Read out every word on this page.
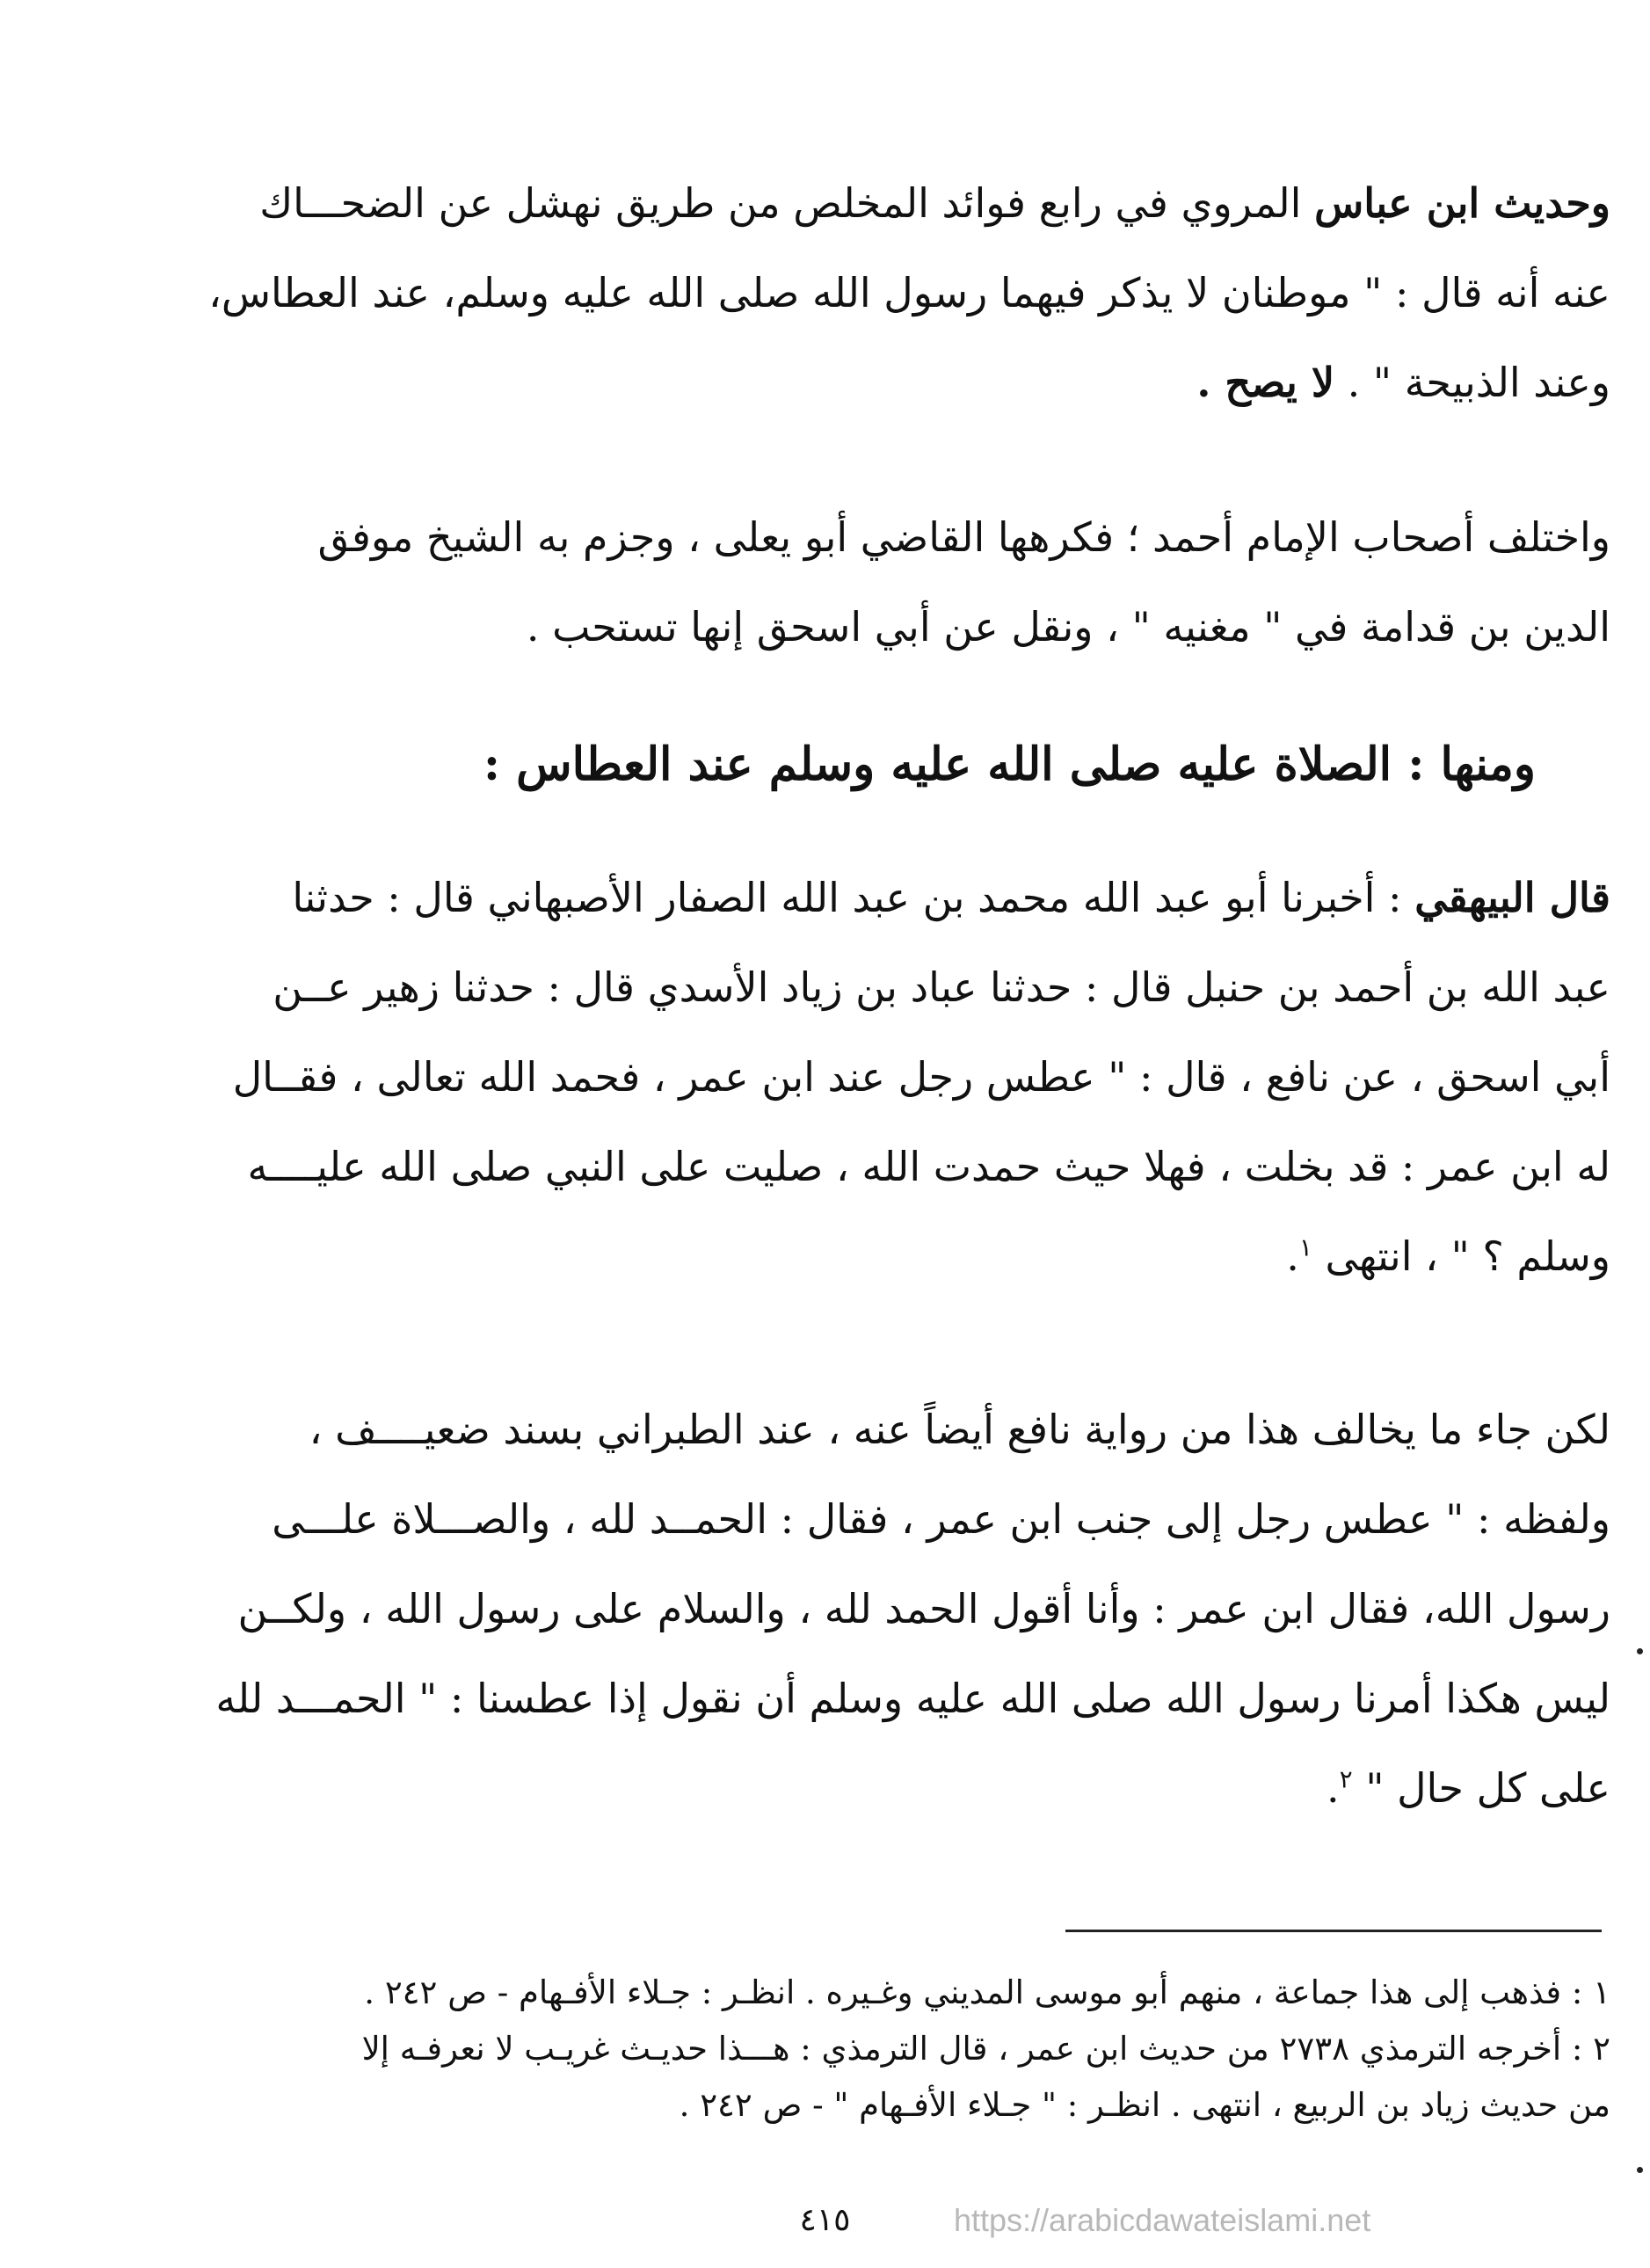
وحديث ابن عباس المروي في رابع فوائد المخلص من طريق نهشل عن الضحـــاك
عنه أنه قال : " موطنان لا يذكر فيهما رسول الله صلى الله عليه وسلم، عند العطاس،
وعند الذبيحة " . لا يصح .
واختلف أصحاب الإمام أحمد ؛ فكرهها القاضي أبو يعلى ، وجزم به الشيخ موفق
الدين بن قدامة في " مغنيه " ، ونقل عن أبي اسحق إنها تستحب .
ومنها : الصلاة عليه صلى الله عليه وسلم عند العطاس :
قال البيهقي : أخبرنا أبو عبد الله محمد بن عبد الله الصفار الأصبهاني قال : حدثنا
عبد الله بن أحمد بن حنبل قال : حدثنا عباد بن زياد الأسدي قال : حدثنا زهير عــن
أبي اسحق ، عن نافع ، قال : " عطس رجل عند ابن عمر ، فحمد الله تعالى ، فقــال
له ابن عمر : قد بخلت ، فهلا حيث حمدت الله ، صليت على النبي صلى الله عليــــه
وسلم ؟ " ، انتهى $^١$.
لكن جاء ما يخالف هذا من رواية نافع أيضاً عنه ، عند الطبراني بسند ضعيــــف ،
ولفظه : " عطس رجل إلى جنب ابن عمر ، فقال : الحمــد لله ، والصـــلاة علـــى
رسول الله، فقال ابن عمر : وأنا أقول الحمد لله ، والسلام على رسول الله ، ولكــن
ليس هكذا أمرنا رسول الله صلى الله عليه وسلم أن نقول إذا عطسنا : " الحمـــد لله
على كل حال " $^٢$.
١ : فذهب إلى هذا جماعة ، منهم أبو موسى المديني وغـيره . انظـر : جـلاء الأفـهام - ص ٢٤٢ .
٢ : أخرجه الترمذي ٢٧٣٨ من حديث ابن عمر ، قال الترمذي : هـــذا حديـث غريـب لا نعرفـه إلا
من حديث زياد بن الربيع ، انتهى . انظـر : " جـلاء الأفـهام " - ص ٢٤٢ .
٤١٥	https://arabicdawateislami.net
